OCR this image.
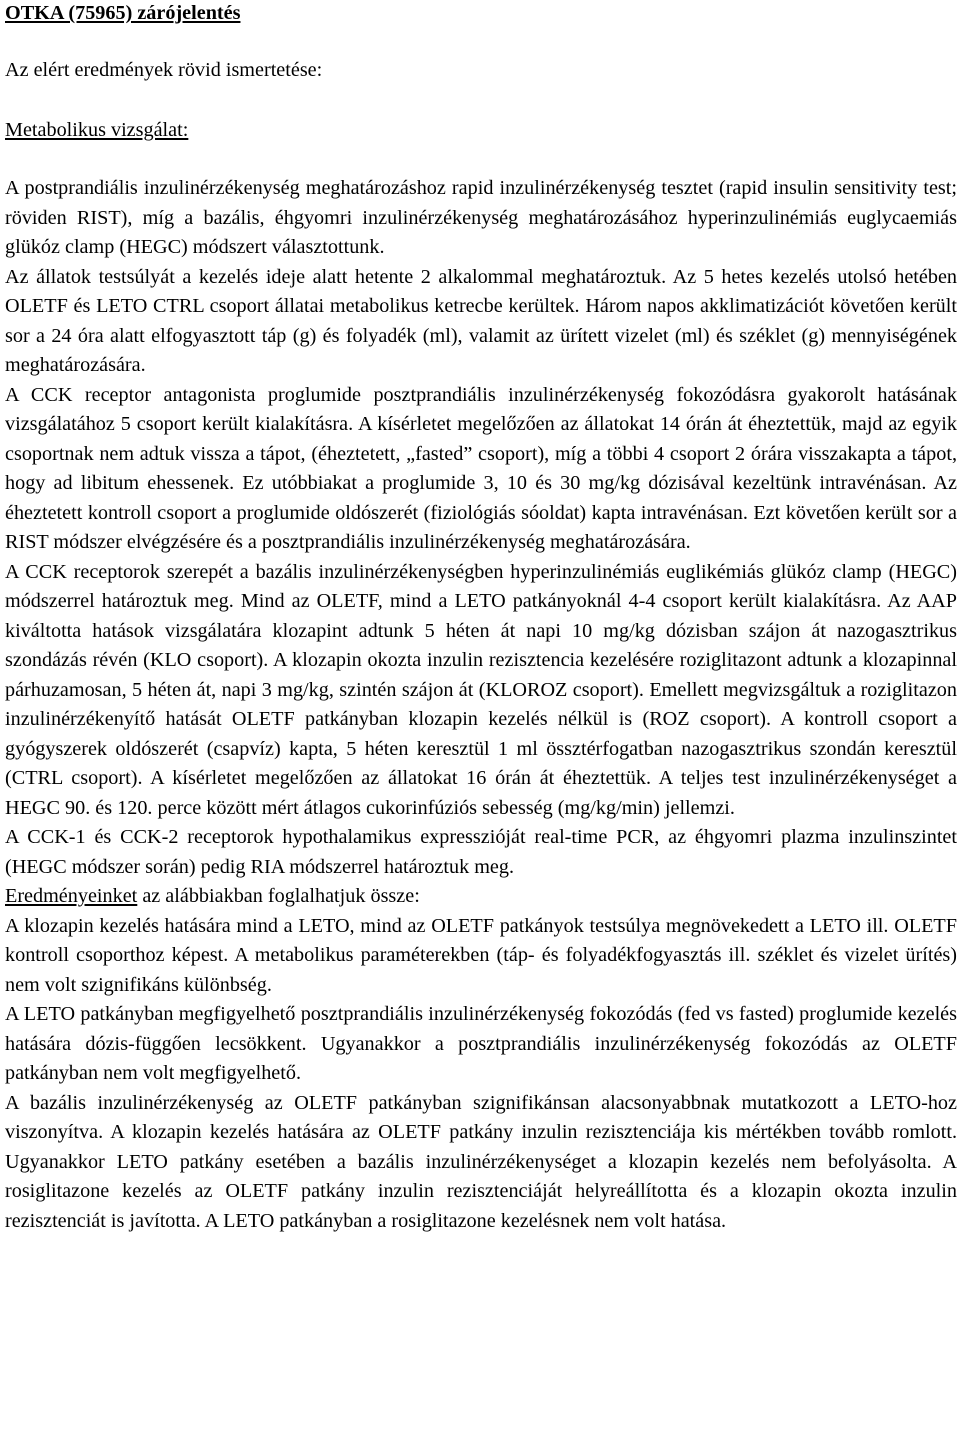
OTKA (75965) zárójelentés
Az elért eredmények rövid ismertetése:
Metabolikus vizsgálat:

A postprandiális inzulinérzékenység meghatározáshoz rapid inzulinérzékenység tesztet (rapid insulin sensitivity test; röviden RIST), míg a bazális, éhgyomri inzulinérzékenység meghatározásához hyperinzulinémiás euglycaemiás glükóz clamp (HEGC) módszert választottunk.

Az állatok testsúlyát a kezelés ideje alatt hetente 2 alkalommal meghatároztuk. Az 5 hetes kezelés utolsó hetében OLETF és LETO CTRL csoport állatai metabolikus ketrecbe kerültek. Három napos akklimatizációt követően került sor a 24 óra alatt elfogyasztott táp (g) és folyadék (ml), valamit az ürített vizelet (ml) és széklet (g) mennyiségének meghatározására.

A CCK receptor antagonista proglumide posztprandiális inzulinérzékenység fokozódásra gyakorolt hatásának vizsgálatához 5 csoport került kialakításra. A kísérletet megelőzően az állatokat 14 órán át éheztettük, majd az egyik csoportnak nem adtuk vissza a tápot, (éheztetett, „fasted” csoport), míg a többi 4 csoport 2 órára visszakapta a tápot, hogy ad libitum ehessenek. Ez utóbbiakat a proglumide 3, 10 és 30 mg/kg dózisával kezeltünk intravénásan. Az éheztetett kontroll csoport a proglumide oldószerét (fiziológiás sóoldat) kapta intravénásan. Ezt követően került sor a RIST módszer elvégzésére és a posztprandiális inzulinérzékenység meghatározására.

A CCK receptorok szerepét a bazális inzulinérzékenységben hyperinzulinémiás euglikémiás glükóz clamp (HEGC) módszerrel határoztuk meg. Mind az OLETF, mind a LETO patkányoknál 4-4 csoport került kialakításra. Az AAP kiváltotta hatások vizsgálatára klozapint adtunk 5 héten át napi 10 mg/kg dózisban szájon át nazogasztrikus szondázás révén (KLO csoport). A klozapin okozta inzulin rezisztencia kezelésére roziglitazont adtunk a klozapinnal párhuzamosan, 5 héten át, napi 3 mg/kg, szintén szájon át (KLOROZ csoport). Emellett megvizsgáltuk a roziglitazon inzulinérzékenyítő hatását OLETF patkányban klozapin kezelés nélkül is (ROZ csoport). A kontroll csoport a gyógyszerek oldószerét (csapvíz) kapta, 5 héten keresztül 1 ml össztérfogatban nazogasztrikus szondán keresztül (CTRL csoport). A kísérletet megelőzően az állatokat 16 órán át éheztettük. A teljes test inzulinérzékenységet a HEGC 90. és 120. perce között mért átlagos cukorinfúziós sebesség (mg/kg/min) jellemzi.

A CCK-1 és CCK-2 receptorok hypothalamikus expresszióját real-time PCR, az éhgyomri plazma inzulinszintet (HEGC módszer során) pedig RIA módszerrel határoztuk meg.

Eredményeinket az alábbiakban foglalhatjuk össze:

A klozapin kezelés hatására mind a LETO, mind az OLETF patkányok testsúlya megnövekedett a LETO ill. OLETF kontroll csoporthoz képest. A metabolikus paraméterekben (táp- és folyadékfogyasztás ill. széklet és vizelet ürítés) nem volt szignifikáns különbség.

A LETO patkányban megfigyelhető posztprandiális inzulinérzékenység fokozódás (fed vs fasted) proglumide kezelés hatására dózis-függően lecsökkent. Ugyanakkor a posztprandiális inzulinérzékenység fokozódás az OLETF patkányban nem volt megfigyelhető.

A bazális inzulinérzékenység az OLETF patkányban szignifikánsan alacsonyabbnak mutatkozott a LETO-hoz viszonyítva. A klozapin kezelés hatására az OLETF patkány inzulin rezisztenciája kis mértékben tovább romlott. Ugyanakkor LETO patkány esetében a bazális inzulinérzékenységet a klozapin kezelés nem befolyásolta. A rosiglitazone kezelés az OLETF patkány inzulin rezisztenciáját helyreállította és a klozapin okozta inzulin rezisztenciát is javította. A LETO patkányban a rosiglitazone kezelésnek nem volt hatása.
